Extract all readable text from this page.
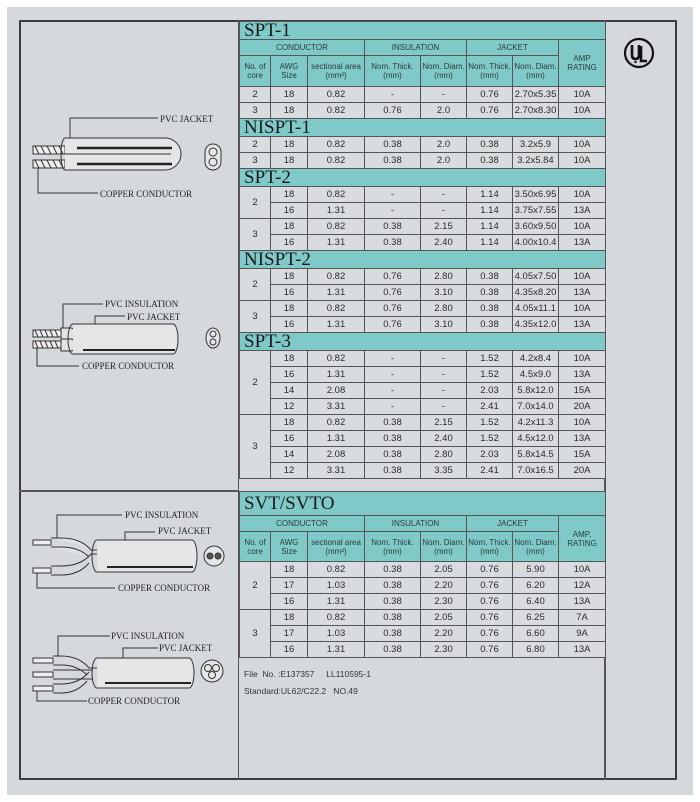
PVC JACKET
COPPER CONDUCTOR
PVC INSULATION
PVC JACKET
COPPER CONDUCTOR
PVC INSULATION
PVC JACKET
COPPER CONDUCTOR
PVC INSULATION
PVC JACKET
COPPER CONDUCTOR
SPT-1							
CONDUCTOR			INSULATION		JACKET		AMP RATING
No. of core	AWG Size	sectional area (mm²)	Nom. Thick. (mm)	Nom. Diam. (mm)	Nom. Thick. (mm)	Nom. Diam. (mm)	
2	18	0.82	-	-	0.76	2.70x5.35	10A
3	18	0.82	0.76	2.0	0.76	2.70x8.30	10A
NISPT-1							
2	18	0.82	0.38	2.0	0.38	3.2x5.9	10A
3	18	0.82	0.38	2.0	0.38	3.2x5.84	10A
SPT-2							
2	18	0.82	-	-	1.14	3.50x6.95	10A
	16	1.31	-	-	1.14	3.75x7.55	13A
3	18	0.82	0.38	2.15	1.14	3.60x9.50	10A
	16	1.31	0.38	2.40	1.14	4.00x10.4	13A
NISPT-2							
2	18	0.82	0.76	2.80	0.38	4.05x7.50	10A
	16	1.31	0.76	3.10	0.38	4.35x8.20	13A
3	18	0.82	0.76	2.80	0.38	4.05x11.1	10A
	16	1.31	0.76	3.10	0.38	4.35x12.0	13A
SPT-3							
2	18	0.82	-	-	1.52	4.2x8.4	10A
	16	1.31	-	-	1.52	4.5x9.0	13A
	14	2.08	-	-	2.03	5.8x12.0	15A
	12	3.31	-	-	2.41	7.0x14.0	20A
3	18	0.82	0.38	2.15	1.52	4.2x11.3	10A
	16	1.31	0.38	2.40	1.52	4.5x12.0	13A
	14	2.08	0.38	2.80	2.03	5.8x14.5	15A
	12	3.31	0.38	3.35	2.41	7.0x16.5	20A
SVT/SVTO							
CONDUCTOR			INSULATION		JACKET		AMP. RATING
No. of core	AWG Size	sectional area (mm²)	Nom. Thick. (mm)	Nom. Diam. (mm)	Nom. Thick. (mm)	Nom. Diam. (mm)	
2	18	0.82	0.38	2.05	0.76	5.90	10A
	17	1.03	0.38	2.20	0.76	6.20	12A
	16	1.31	0.38	2.30	0.76	6.40	13A
3	18	0.82	0.38	2.05	0.76	6.25	7A
	17	1.03	0.38	2.20	0.76	6.60	9A
	16	1.31	0.38	2.30	0.76	6.80	13A
File  No. :E137357     LL110595-1
Standard:UL62/C22.2   NO.49
